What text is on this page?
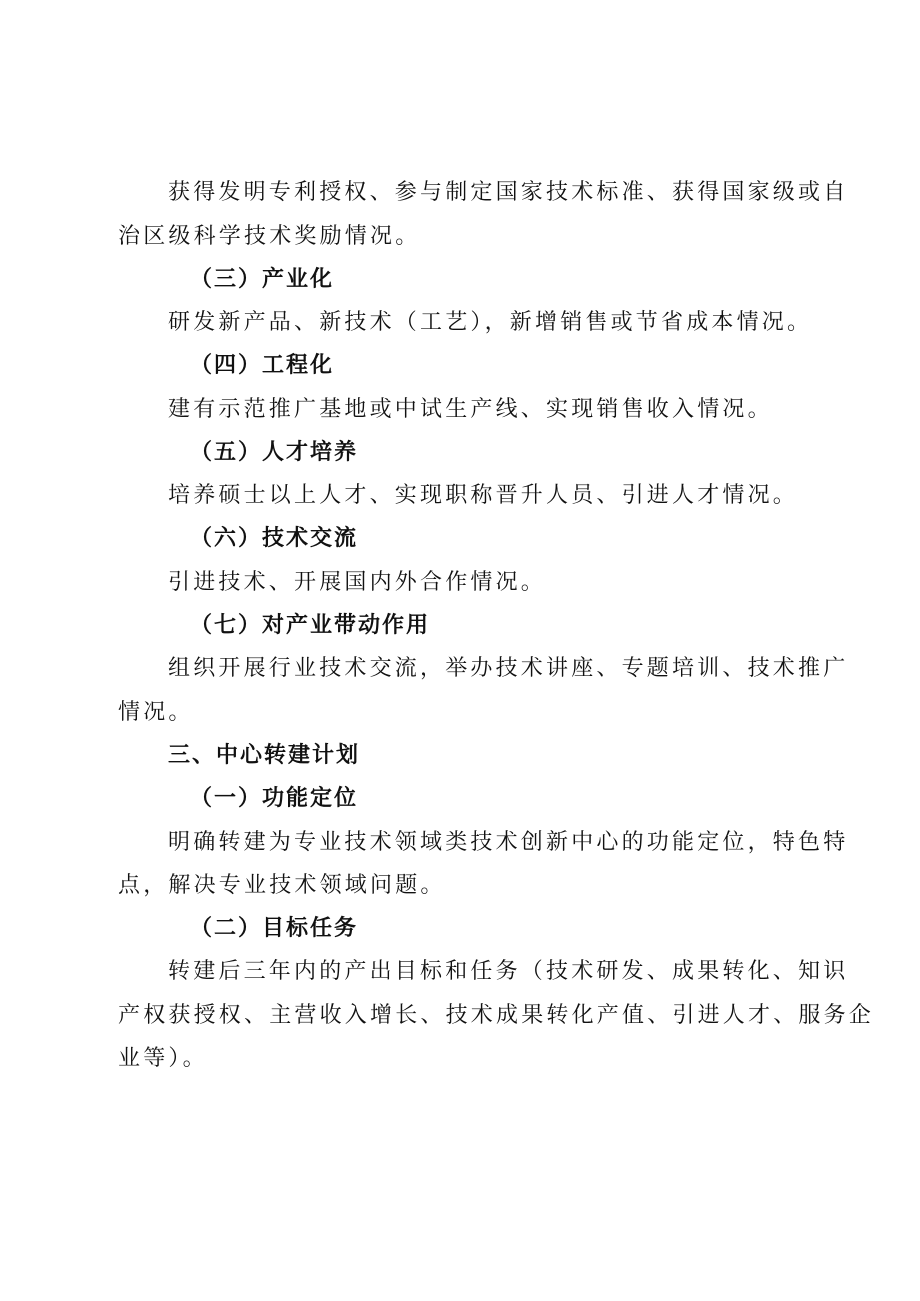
获得发明专利授权、参与制定国家技术标准、获得国家级或自
治区级科学技术奖励情况。
（三）产业化
研发新产品、新技术（工艺），新增销售或节省成本情况。
（四）工程化
建有示范推广基地或中试生产线、实现销售收入情况。
（五）人才培养
培养硕士以上人才、实现职称晋升人员、引进人才情况。
（六）技术交流
引进技术、开展国内外合作情况。
（七）对产业带动作用
组织开展行业技术交流，举办技术讲座、专题培训、技术推广
情况。
三、中心转建计划
（一）功能定位
明确转建为专业技术领域类技术创新中心的功能定位，特色特
点，解决专业技术领域问题。
（二）目标任务
转建后三年内的产出目标和任务（技术研发、成果转化、知识
产权获授权、主营收入增长、技术成果转化产值、引进人才、服务企
业等）。
